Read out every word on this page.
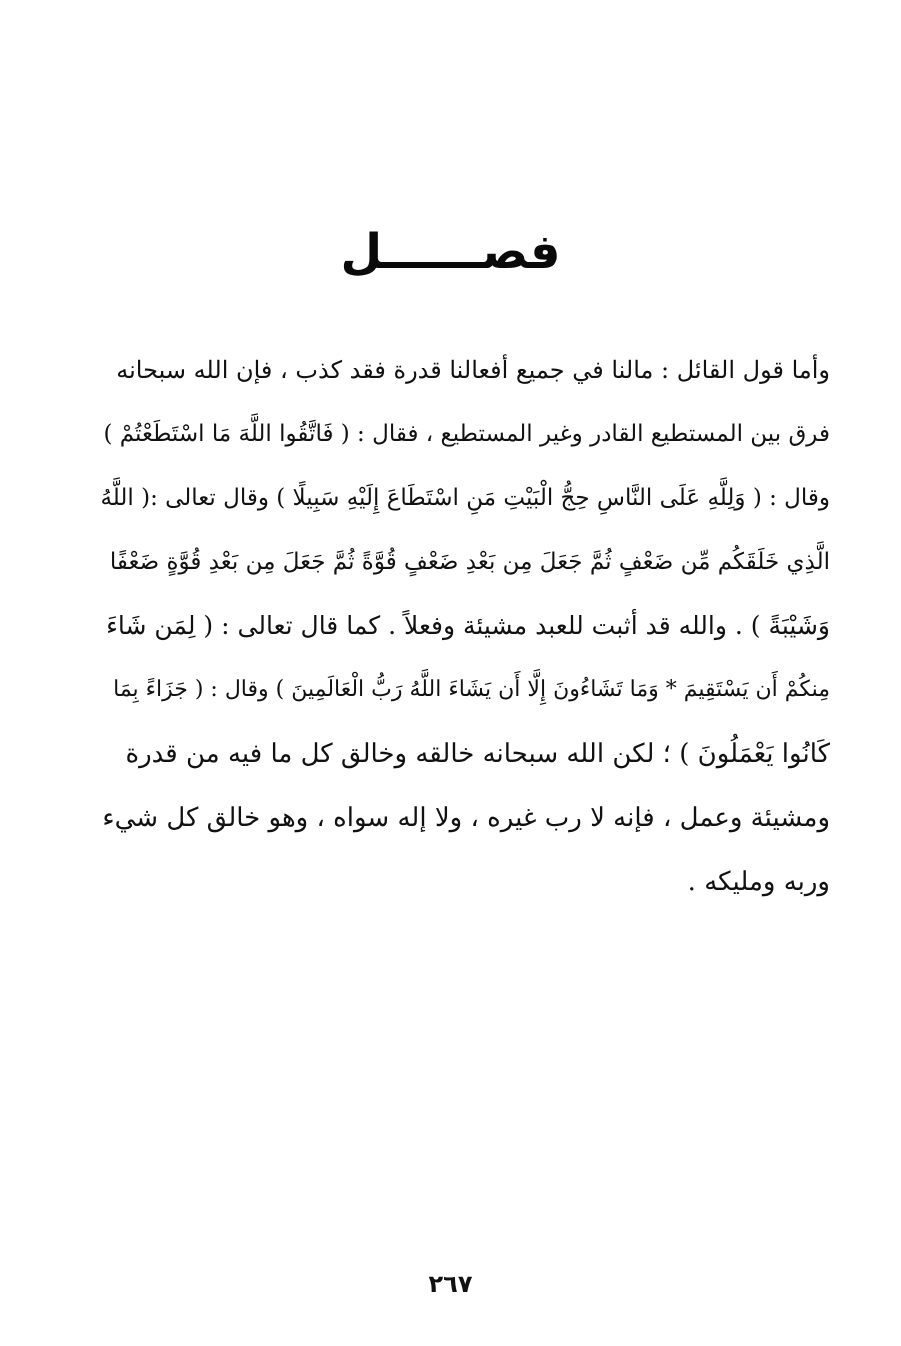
فصــــــل
وأما قول القائل : مالنا في جميع أفعالنا قدرة فقد كذب ، فإن الله سبحانه
فرق بين المستطيع القادر وغير المستطيع ، فقال : ( فَاتَّقُوا اللَّهَ مَا اسْتَطَعْتُمْ )
وقال : ( وَلِلَّهِ عَلَى النَّاسِ حِجُّ الْبَيْتِ مَنِ اسْتَطَاعَ إِلَيْهِ سَبِيلًا ) وقال تعالى :( اللَّهُ
الَّذِي خَلَقَكُم مِّن ضَعْفٍ ثُمَّ جَعَلَ مِن بَعْدِ ضَعْفٍ قُوَّةً ثُمَّ جَعَلَ مِن بَعْدِ قُوَّةٍ ضَعْفًا
وَشَيْبَةً ) . والله قد أثبت للعبد مشيئة وفعلاً . كما قال تعالى : ( لِمَن شَاءَ
مِنكُمْ أَن يَسْتَقِيمَ * وَمَا تَشَاءُونَ إِلَّا أَن يَشَاءَ اللَّهُ رَبُّ الْعَالَمِينَ ) وقال : ( جَزَاءً بِمَا
كَانُوا يَعْمَلُونَ ) ؛ لكن الله سبحانه خالقه وخالق كل ما فيه من قدرة
ومشيئة وعمل ، فإنه لا رب غيره ، ولا إله سواه ، وهو خالق كل شيء
وربه ومليكه .
٢٦٧
